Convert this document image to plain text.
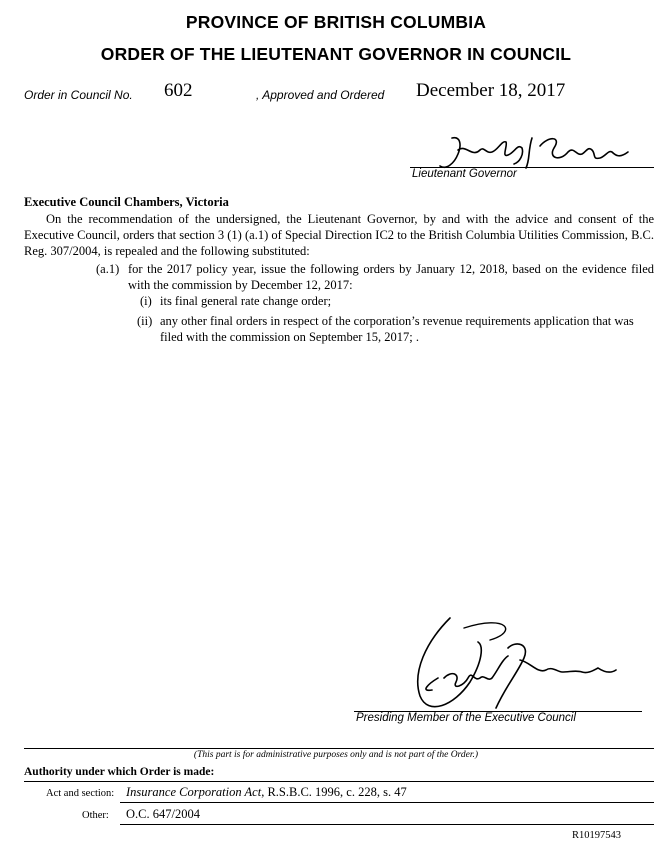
PROVINCE OF BRITISH COLUMBIA
ORDER OF THE LIEUTENANT GOVERNOR IN COUNCIL
Order in Council No. 602	, Approved and Ordered December 18, 2017
Lieutenant Governor
Executive Council Chambers, Victoria
On the recommendation of the undersigned, the Lieutenant Governor, by and with the advice and consent of the Executive Council, orders that section 3 (1) (a.1) of Special Direction IC2 to the British Columbia Utilities Commission, B.C. Reg. 307/2004, is repealed and the following substituted:
(a.1) for the 2017 policy year, issue the following orders by January 12, 2018, based on the evidence filed with the commission by December 12, 2017:
(i) its final general rate change order;
(ii) any other final orders in respect of the corporation’s revenue requirements application that was filed with the commission on September 15, 2017; .
Presiding Member of the Executive Council
(This part is for administrative purposes only and is not part of the Order.)
Authority under which Order is made:
Act and section: Insurance Corporation Act, R.S.B.C. 1996, c. 228, s. 47
Other: O.C. 647/2004
R10197543
